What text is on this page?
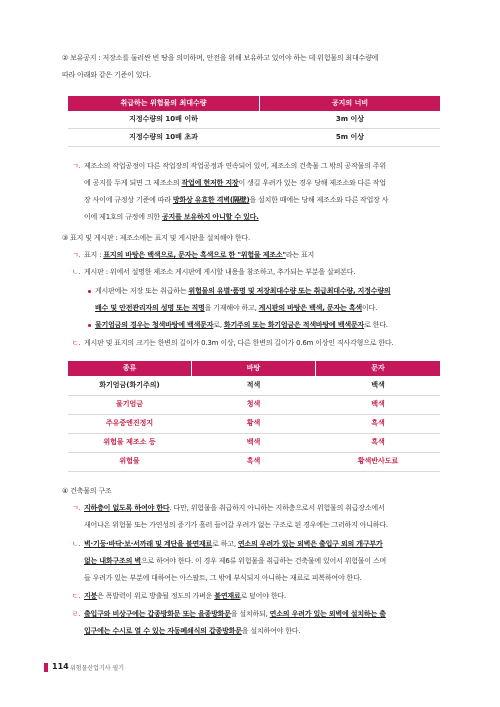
② 보유공지 : 저장소를 둘러싼 빈 땅을 의미하며, 안전을 위해 보유하고 있어야 하는 데 위험물의 최대수량에
따라 아래와 같은 기준이 있다.
취급하는 위험물의 최대수량	공지의 너비
지정수량의 10배 이하	3m 이상
지정수량의 10배 초과	5m 이상
ㄱ. 제조소의 작업공정이 다른 작업장의 작업공정과 연속되어 있어, 제조소의 건축물 그 밖의 공작물의 주위
에 공지를 두게 되면 그 제조소의 작업에 현저한 지장이 생길 우려가 있는 경우 당해 제조소와 다른 작업
장 사이에 규정상 기준에 따라 방화상 유효한 격벽(隔壁)을 설치한 때에는 당해 제조소와 다른 작업장 사
이에 제1호의 규정에 의한 공지를 보유하지 아니할 수 있다.
③ 표지 및 게시판 : 제조소에는 표지 및 게시판을 설치해야 한다.
ㄱ. 표지 : 표지의 바탕은 백색으로, 문자는 흑색으로 한 "위험물 제조소"라는 표지
ㄴ. 게시판 : 위에서 설명한 제조소 게시판에 게시할 내용을 참조하고, 추가되는 부분을 살펴본다.
게시판에는 저장 또는 취급하는 위험물의 유별·품명 및 저장최대수량 또는 취급최대수량, 지정수량의
배수 및 안전관리자의 성명 또는 직명을 기재해야 하고, 게시판의 바탕은 백색, 문자는 흑색이다.
물기엄금의 경우는 청색바탕에 백색문자로, 화기주의 또는 화기엄금은 적색바탕에 백색문자로 한다.
ㄷ. 게시판 및 표지의 크기는 한변의 길이가 0.3m 이상, 다른 한변의 길이가 0.6m 이상인 직사각형으로 한다.
종류	바탕	문자
화기엄금(화기주의)	적색	백색
물기엄금	청색	백색
주유중엔진정지	황색	흑색
위험물 제조소 등	백색	흑색
위험물	흑색	황색반사도료
④ 건축물의 구조
ㄱ. 지하층이 없도록 하여야 한다. 다만, 위험물을 취급하지 아니하는 지하층으로서 위험물의 취급장소에서
새어나온 위험물 또는 가연성의 증기가 흘러 들어갈 우려가 없는 구조로 된 경우에는 그러하지 아니하다.
ㄴ. 벽·기둥·바닥·보·서까래 및 계단을 불연재료로 하고, 연소의 우려가 있는 외벽은 출입구 외의 개구부가
없는 내화구조의 벽으로 하여야 한다. 이 경우 제6류 위험물을 취급하는 건축물에 있어서 위험물이 스며
들 우려가 있는 부분에 대하여는 아스팔트, 그 밖에 부식되지 아니하는 재료로 피복하여야 한다.
ㄷ. 지붕은 폭발력이 위로 방출될 정도의 가벼운 불연재료로 덮어야 한다.
ㄹ. 출입구와 비상구에는 갑종방화문 또는 을종방화문을 설치하되, 연소의 우려가 있는 외벽에 설치하는 출
입구에는 수시로 열 수 있는 자동폐쇄식의 갑종방화문을 설치하여야 한다.
114 위험물산업기사 필기
